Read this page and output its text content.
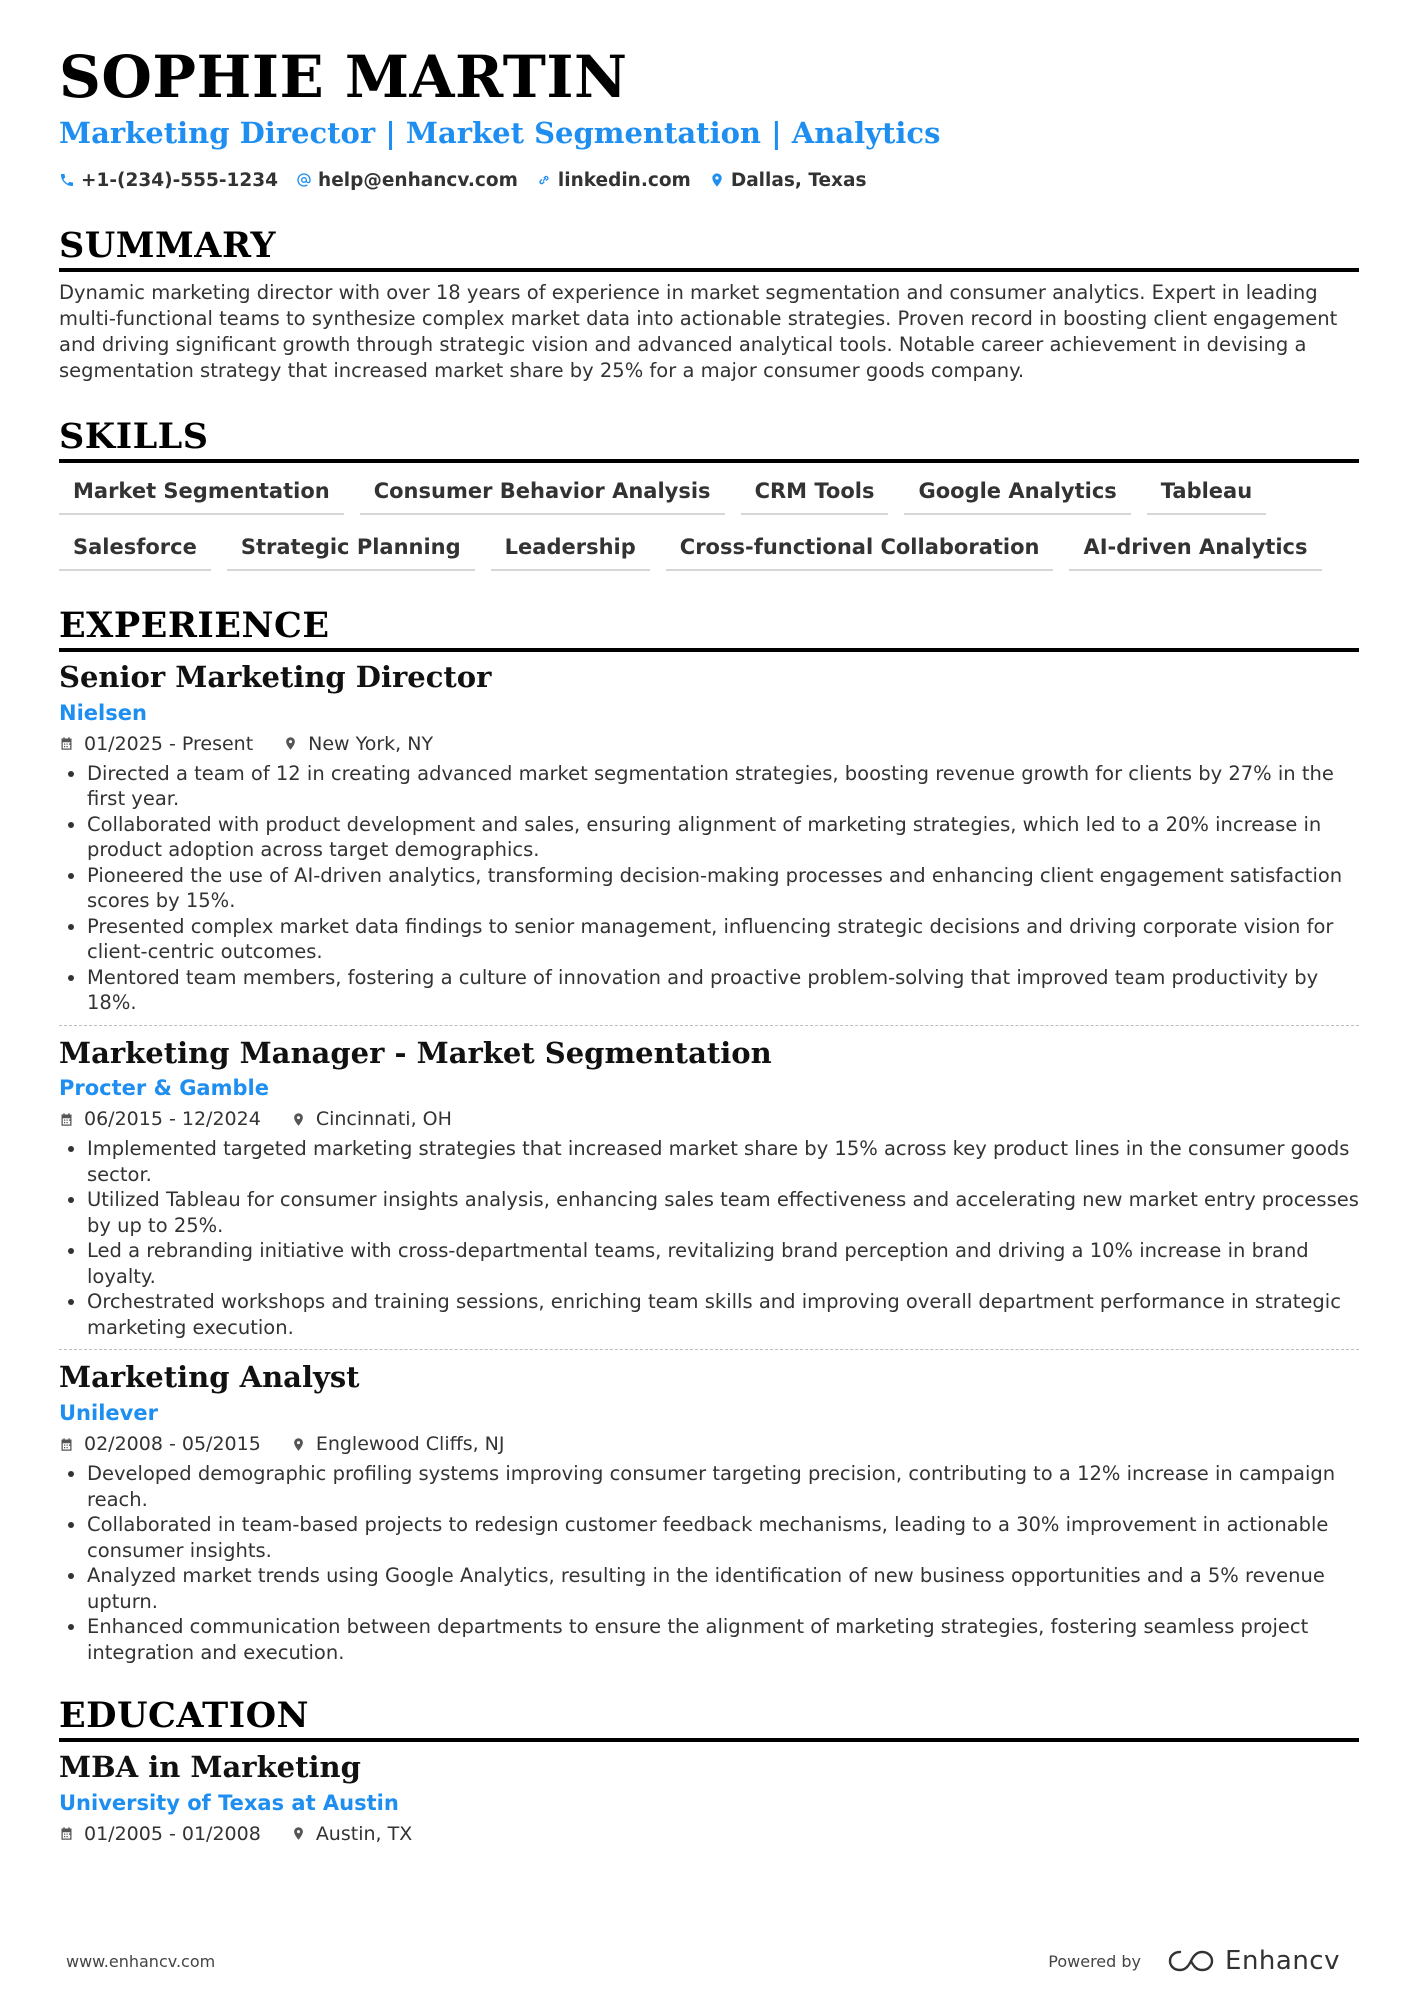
SOPHIE MARTIN
Marketing Director | Market Segmentation | Analytics
+1-(234)-555-1234 help@enhancv.com linkedin.com Dallas, Texas
SUMMARY
Dynamic marketing director with over 18 years of experience in market segmentation and consumer analytics. Expert in leading multi-functional teams to synthesize complex market data into actionable strategies. Proven record in boosting client engagement and driving significant growth through strategic vision and advanced analytical tools. Notable career achievement in devising a segmentation strategy that increased market share by 25% for a major consumer goods company.
SKILLS
Market Segmentation	Consumer Behavior Analysis	CRM Tools	Google Analytics	Tableau
Salesforce	Strategic Planning	Leadership	Cross-functional Collaboration	AI-driven Analytics
EXPERIENCE
Senior Marketing Director
Nielsen
01/2025 - Present	New York, NY
• Directed a team of 12 in creating advanced market segmentation strategies, boosting revenue growth for clients by 27% in the first year.
• Collaborated with product development and sales, ensuring alignment of marketing strategies, which led to a 20% increase in product adoption across target demographics.
• Pioneered the use of AI-driven analytics, transforming decision-making processes and enhancing client engagement satisfaction scores by 15%.
• Presented complex market data findings to senior management, influencing strategic decisions and driving corporate vision for client-centric outcomes.
• Mentored team members, fostering a culture of innovation and proactive problem-solving that improved team productivity by 18%.
Marketing Manager - Market Segmentation
Procter & Gamble
06/2015 - 12/2024	Cincinnati, OH
• Implemented targeted marketing strategies that increased market share by 15% across key product lines in the consumer goods sector.
• Utilized Tableau for consumer insights analysis, enhancing sales team effectiveness and accelerating new market entry processes by up to 25%.
• Led a rebranding initiative with cross-departmental teams, revitalizing brand perception and driving a 10% increase in brand loyalty.
• Orchestrated workshops and training sessions, enriching team skills and improving overall department performance in strategic marketing execution.
Marketing Analyst
Unilever
02/2008 - 05/2015	Englewood Cliffs, NJ
• Developed demographic profiling systems improving consumer targeting precision, contributing to a 12% increase in campaign reach.
• Collaborated in team-based projects to redesign customer feedback mechanisms, leading to a 30% improvement in actionable consumer insights.
• Analyzed market trends using Google Analytics, resulting in the identification of new business opportunities and a 5% revenue upturn.
• Enhanced communication between departments to ensure the alignment of marketing strategies, fostering seamless project integration and execution.
EDUCATION
MBA in Marketing
University of Texas at Austin
01/2005 - 01/2008	Austin, TX
www.enhancv.com	Powered by	Enhancv
